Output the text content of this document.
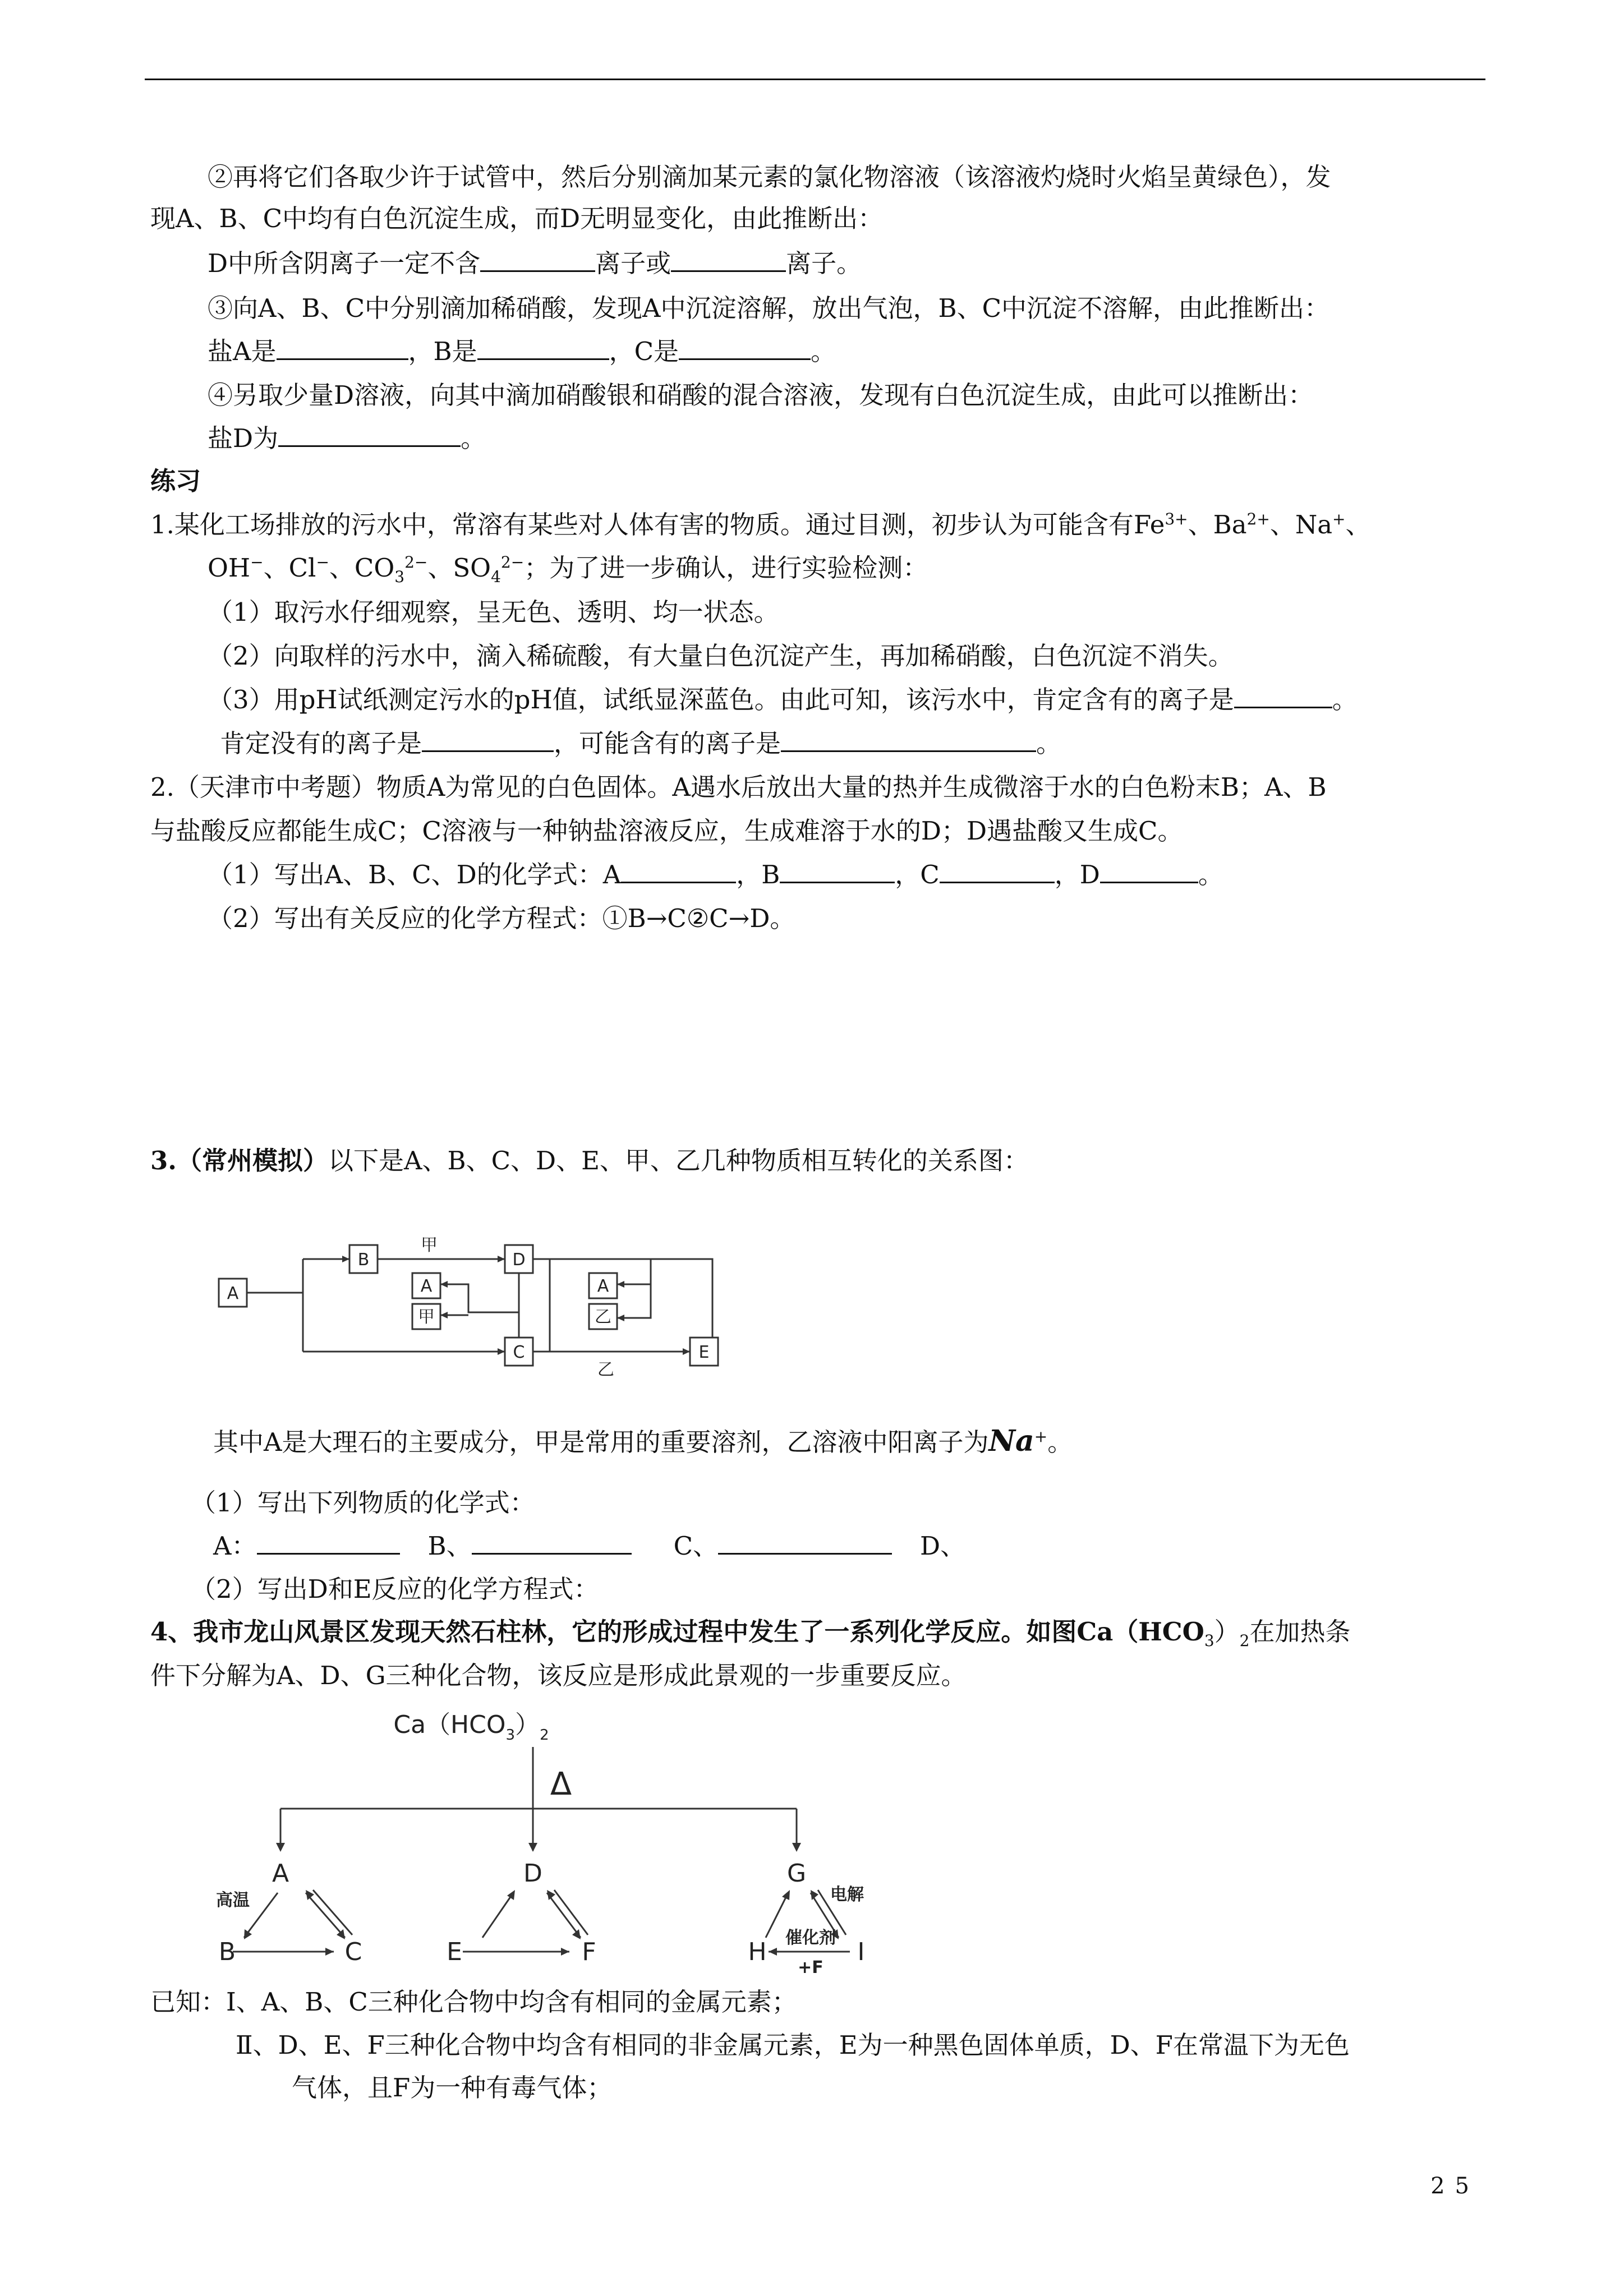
②再将它们各取少许于试管中，然后分别滴加某元素的氯化物溶液（该溶液灼烧时火焰呈黄绿色），发
现A、B、C中均有白色沉淀生成，而D无明显变化，由此推断出：
D中所含阴离子一定不含	离子或	离子。
③向A、B、C中分别滴加稀硝酸，发现A中沉淀溶解，放出气泡，B、C中沉淀不溶解，由此推断出：
盐A是	，B是	，C是	。
④另取少量D溶液，向其中滴加硝酸银和硝酸的混合溶液，发现有白色沉淀生成，由此可以推断出：
盐D为	。
练习
1.某化工场排放的污水中，常溶有某些对人体有害的物质。通过目测，初步认为可能含有$Fe^{3+}$、$Ba^{2+}$、Na+、
OH−、Cl−、$CO_3^{2-}$、$SO_4^{2-}$；为了进一步确认，进行实验检测：
（1）取污水仔细观察，呈无色、透明、均一状态。
（2）向取样的污水中，滴入稀硫酸，有大量白色沉淀产生，再加稀硝酸，白色沉淀不消失。
（3）用pH试纸测定污水的pH值，试纸显深蓝色。由此可知，该污水中，肯定含有的离子是	。
肯定没有的离子是	，可能含有的离子是	。
2.（天津市中考题）物质A为常见的白色固体。A遇水后放出大量的热并生成微溶于水的白色粉末B；A、B
与盐酸反应都能生成C；C溶液与一种钠盐溶液反应，生成难溶于水的D；D遇盐酸又生成C。
（1）写出A、B、C、D的化学式：A	，B	，C	，D	。
（2）写出有关反应的化学方程式：①B→C②C→D。
3.（常州模拟）以下是A、B、C、D、E、甲、乙几种物质相互转化的关系图：
A
B	D
C	E
A
甲
A
乙
甲
乙
其中A是大理石的主要成分，甲是常用的重要溶剂，乙溶液中阳离子为Na+。
（1）写出下列物质的化学式：
A：	B、	C、	D、
（2）写出D和E反应的化学方程式：
4、我市龙山风景区发现天然石柱林，它的形成过程中发生了一系列化学反应。如图$Ca(HCO_3)_2$在加热条
件下分解为A、D、G三种化合物，该反应是形成此景观的一步重要反应。
$Ca(HCO_3)_2$
Δ
A
B	C
D
E	F
G
H	I
高温	电解
催化剂
+F
已知：Ⅰ、A、B、C三种化合物中均含有相同的金属元素；
Ⅱ、D、E、F三种化合物中均含有相同的非金属元素，E为一种黑色固体单质，D、F在常温下为无色
气体，且F为一种有毒气体；
25
